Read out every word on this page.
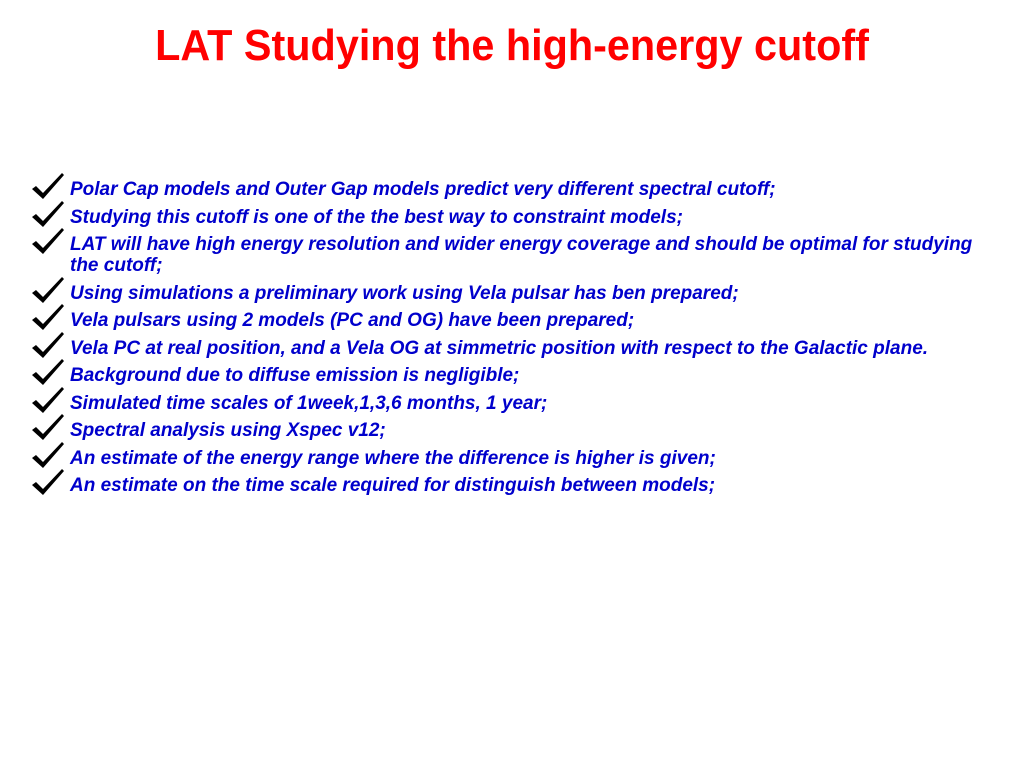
LAT Studying the high-energy cutoff
Polar Cap models and Outer Gap models predict very different spectral cutoff;
Studying this cutoff is one of the the best way to constraint models;
LAT will have high energy resolution and wider energy coverage and should be optimal for studying the cutoff;
Using simulations a preliminary work using Vela pulsar has ben prepared;
Vela pulsars using 2 models (PC and OG) have been prepared;
Vela PC at real position, and a Vela OG at simmetric position with respect to the Galactic plane.
Background due to diffuse emission is negligible;
Simulated time scales of 1week,1,3,6 months, 1 year;
Spectral analysis using Xspec v12;
An estimate of the energy range where the difference is higher is given;
An estimate on the time scale required for distinguish between models;
